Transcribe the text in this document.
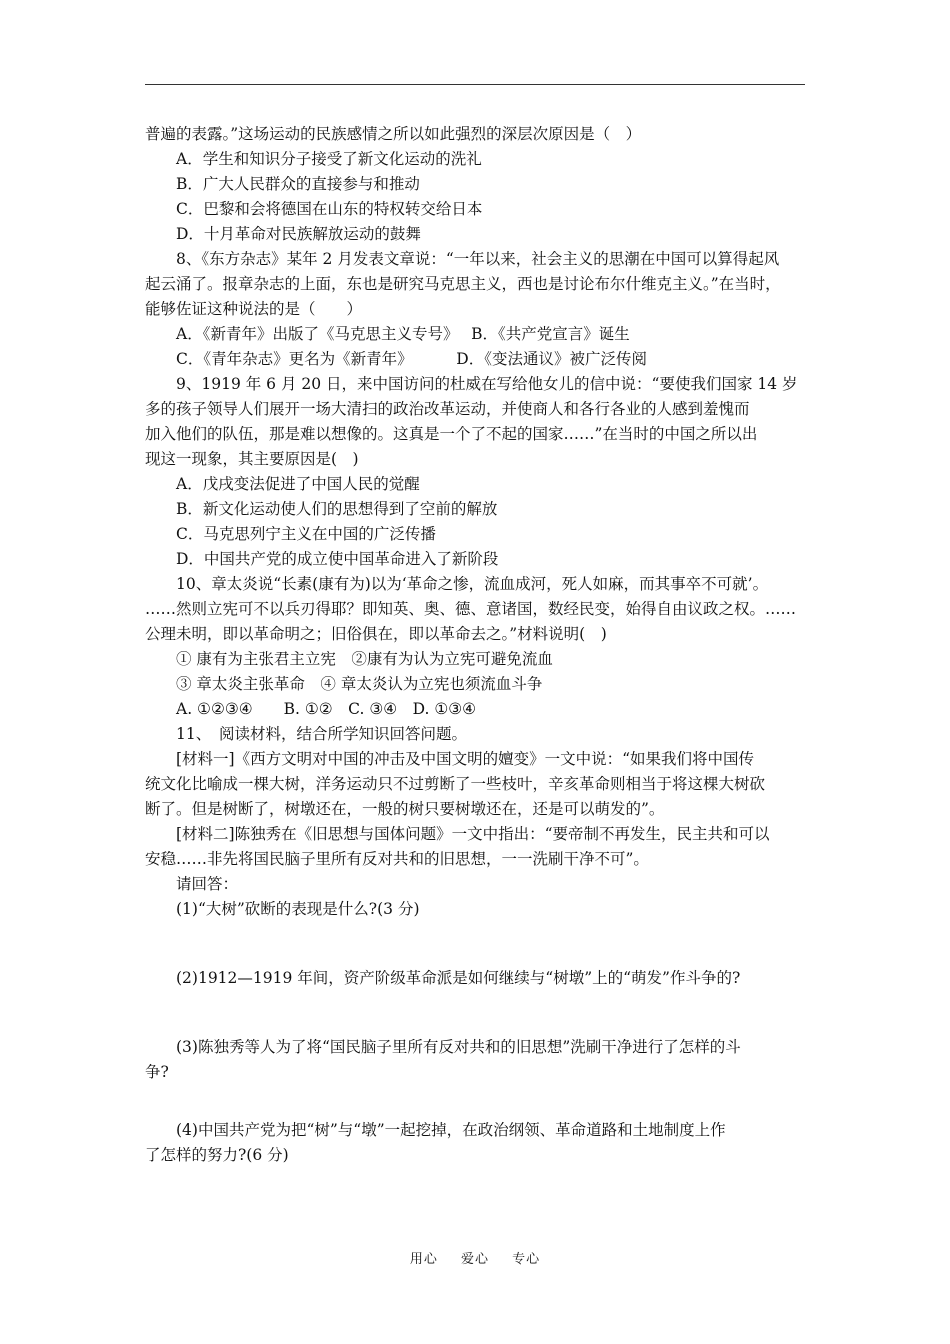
普遍的表露。”这场运动的民族感情之所以如此强烈的深层次原因是（　）
A．学生和知识分子接受了新文化运动的洗礼
B．广大人民群众的直接参与和推动
C．巴黎和会将德国在山东的特权转交给日本
D．十月革命对民族解放运动的鼓舞
8、《东方杂志》某年 2 月发表文章说：“一年以来，社会主义的思潮在中国可以算得起风
起云涌了。报章杂志的上面，东也是研究马克思主义，西也是讨论布尔什维克主义。”在当时，
能够佐证这种说法的是（　　）
A．《新青年》出版了《马克思主义专号》　 B．《共产党宣言》诞生
C．《青年杂志》更名为《新青年》　　　 D．《变法通议》被广泛传阅
9、1919 年 6 月 20 日，来中国访问的杜威在写给他女儿的信中说：“要使我们国家 14 岁
多的孩子领导人们展开一场大清扫的政治改革运动，并使商人和各行各业的人感到羞愧而
加入他们的队伍，那是难以想像的。这真是一个了不起的国家……”在当时的中国之所以出
现这一现象，其主要原因是(　)
A．戊戌变法促进了中国人民的觉醒
B．新文化运动使人们的思想得到了空前的解放
C．马克思列宁主义在中国的广泛传播
D．中国共产党的成立使中国革命进入了新阶段
10、章太炎说“长素(康有为)以为‘革命之惨，流血成河，死人如麻，而其事卒不可就’。
……然则立宪可不以兵刃得耶？即知英、奥、德、意诸国，数经民变，始得自由议政之权。……
公理未明，即以革命明之；旧俗俱在，即以革命去之。”材料说明(　)
① 康有为主张君主立宪　②康有为认为立宪可避免流血
③ 章太炎主张革命　④ 章太炎认为立宪也须流血斗争
A. ①②③④　　B. ①②　C. ③④　D. ①③④
11、　阅读材料，结合所学知识回答问题。
[材料一]《西方文明对中国的冲击及中国文明的嬗变》一文中说：“如果我们将中国传
统文化比喻成一棵大树，洋务运动只不过剪断了一些枝叶，辛亥革命则相当于将这棵大树砍
断了。但是树断了，树墩还在，一般的树只要树墩还在，还是可以萌发的”。
[材料二]陈独秀在《旧思想与国体问题》一文中指出：“要帝制不再发生，民主共和可以
安稳……非先将国民脑子里所有反对共和的旧思想，一一洗刷干净不可”。
请回答：
(1)“大树”砍断的表现是什么?(3 分)
(2)1912—1919 年间，资产阶级革命派是如何继续与“树墩”上的“萌发”作斗争的?
(3)陈独秀等人为了将“国民脑子里所有反对共和的旧思想”洗刷干净进行了怎样的斗
争?
(4)中国共产党为把“树”与“墩”一起挖掉，在政治纲领、革命道路和土地制度上作
了怎样的努力?(6 分)
用心 爱心 专心
